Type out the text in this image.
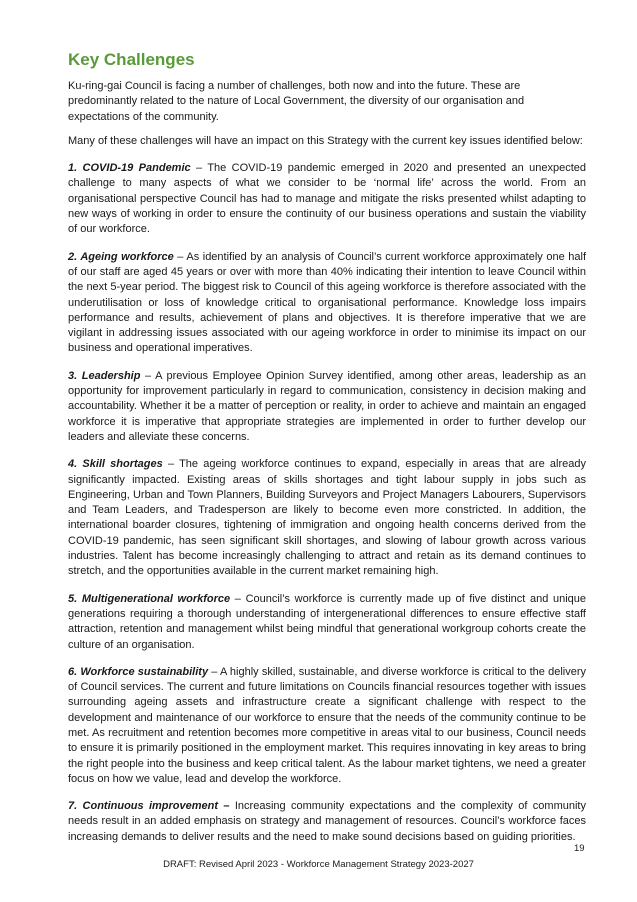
Key Challenges

Ku-ring-gai Council is facing a number of challenges, both now and into the future. These are predominantly related to the nature of Local Government, the diversity of our organisation and expectations of the community.

Many of these challenges will have an impact on this Strategy with the current key issues identified below:

1. COVID-19 Pandemic – The COVID-19 pandemic emerged in 2020 and presented an unexpected challenge to many aspects of what we consider to be ‘normal life’ across the world. From an organisational perspective Council has had to manage and mitigate the risks presented whilst adapting to new ways of working in order to ensure the continuity of our business operations and sustain the viability of our workforce.

2. Ageing workforce – As identified by an analysis of Council’s current workforce approximately one half of our staff are aged 45 years or over with more than 40% indicating their intention to leave Council within the next 5-year period. The biggest risk to Council of this ageing workforce is therefore associated with the underutilisation or loss of knowledge critical to organisational performance. Knowledge loss impairs performance and results, achievement of plans and objectives. It is therefore imperative that we are vigilant in addressing issues associated with our ageing workforce in order to minimise its impact on our business and operational imperatives.

3. Leadership – A previous Employee Opinion Survey identified, among other areas, leadership as an opportunity for improvement particularly in regard to communication, consistency in decision making and accountability. Whether it be a matter of perception or reality, in order to achieve and maintain an engaged workforce it is imperative that appropriate strategies are implemented in order to further develop our leaders and alleviate these concerns.

4. Skill shortages – The ageing workforce continues to expand, especially in areas that are already significantly impacted. Existing areas of skills shortages and tight labour supply in jobs such as Engineering, Urban and Town Planners, Building Surveyors and Project Managers Labourers, Supervisors and Team Leaders, and Tradesperson are likely to become even more constricted. In addition, the international boarder closures, tightening of immigration and ongoing health concerns derived from the COVID-19 pandemic, has seen significant skill shortages, and slowing of labour growth across various industries. Talent has become increasingly challenging to attract and retain as its demand continues to stretch, and the opportunities available in the current market remaining high.

5. Multigenerational workforce – Council’s workforce is currently made up of five distinct and unique generations requiring a thorough understanding of intergenerational differences to ensure effective staff attraction, retention and management whilst being mindful that generational workgroup cohorts create the culture of an organisation.

6. Workforce sustainability – A highly skilled, sustainable, and diverse workforce is critical to the delivery of Council services. The current and future limitations on Councils financial resources together with issues surrounding ageing assets and infrastructure create a significant challenge with respect to the development and maintenance of our workforce to ensure that the needs of the community continue to be met. As recruitment and retention becomes more competitive in areas vital to our business, Council needs to ensure it is primarily positioned in the employment market. This requires innovating in key areas to bring the right people into the business and keep critical talent. As the labour market tightens, we need a greater focus on how we value, lead and develop the workforce.

7. Continuous improvement – Increasing community expectations and the complexity of community needs result in an added emphasis on strategy and management of resources. Council’s workforce faces increasing demands to deliver results and the need to make sound decisions based on guiding priorities.

19
DRAFT: Revised April 2023 - Workforce Management Strategy 2023-2027
